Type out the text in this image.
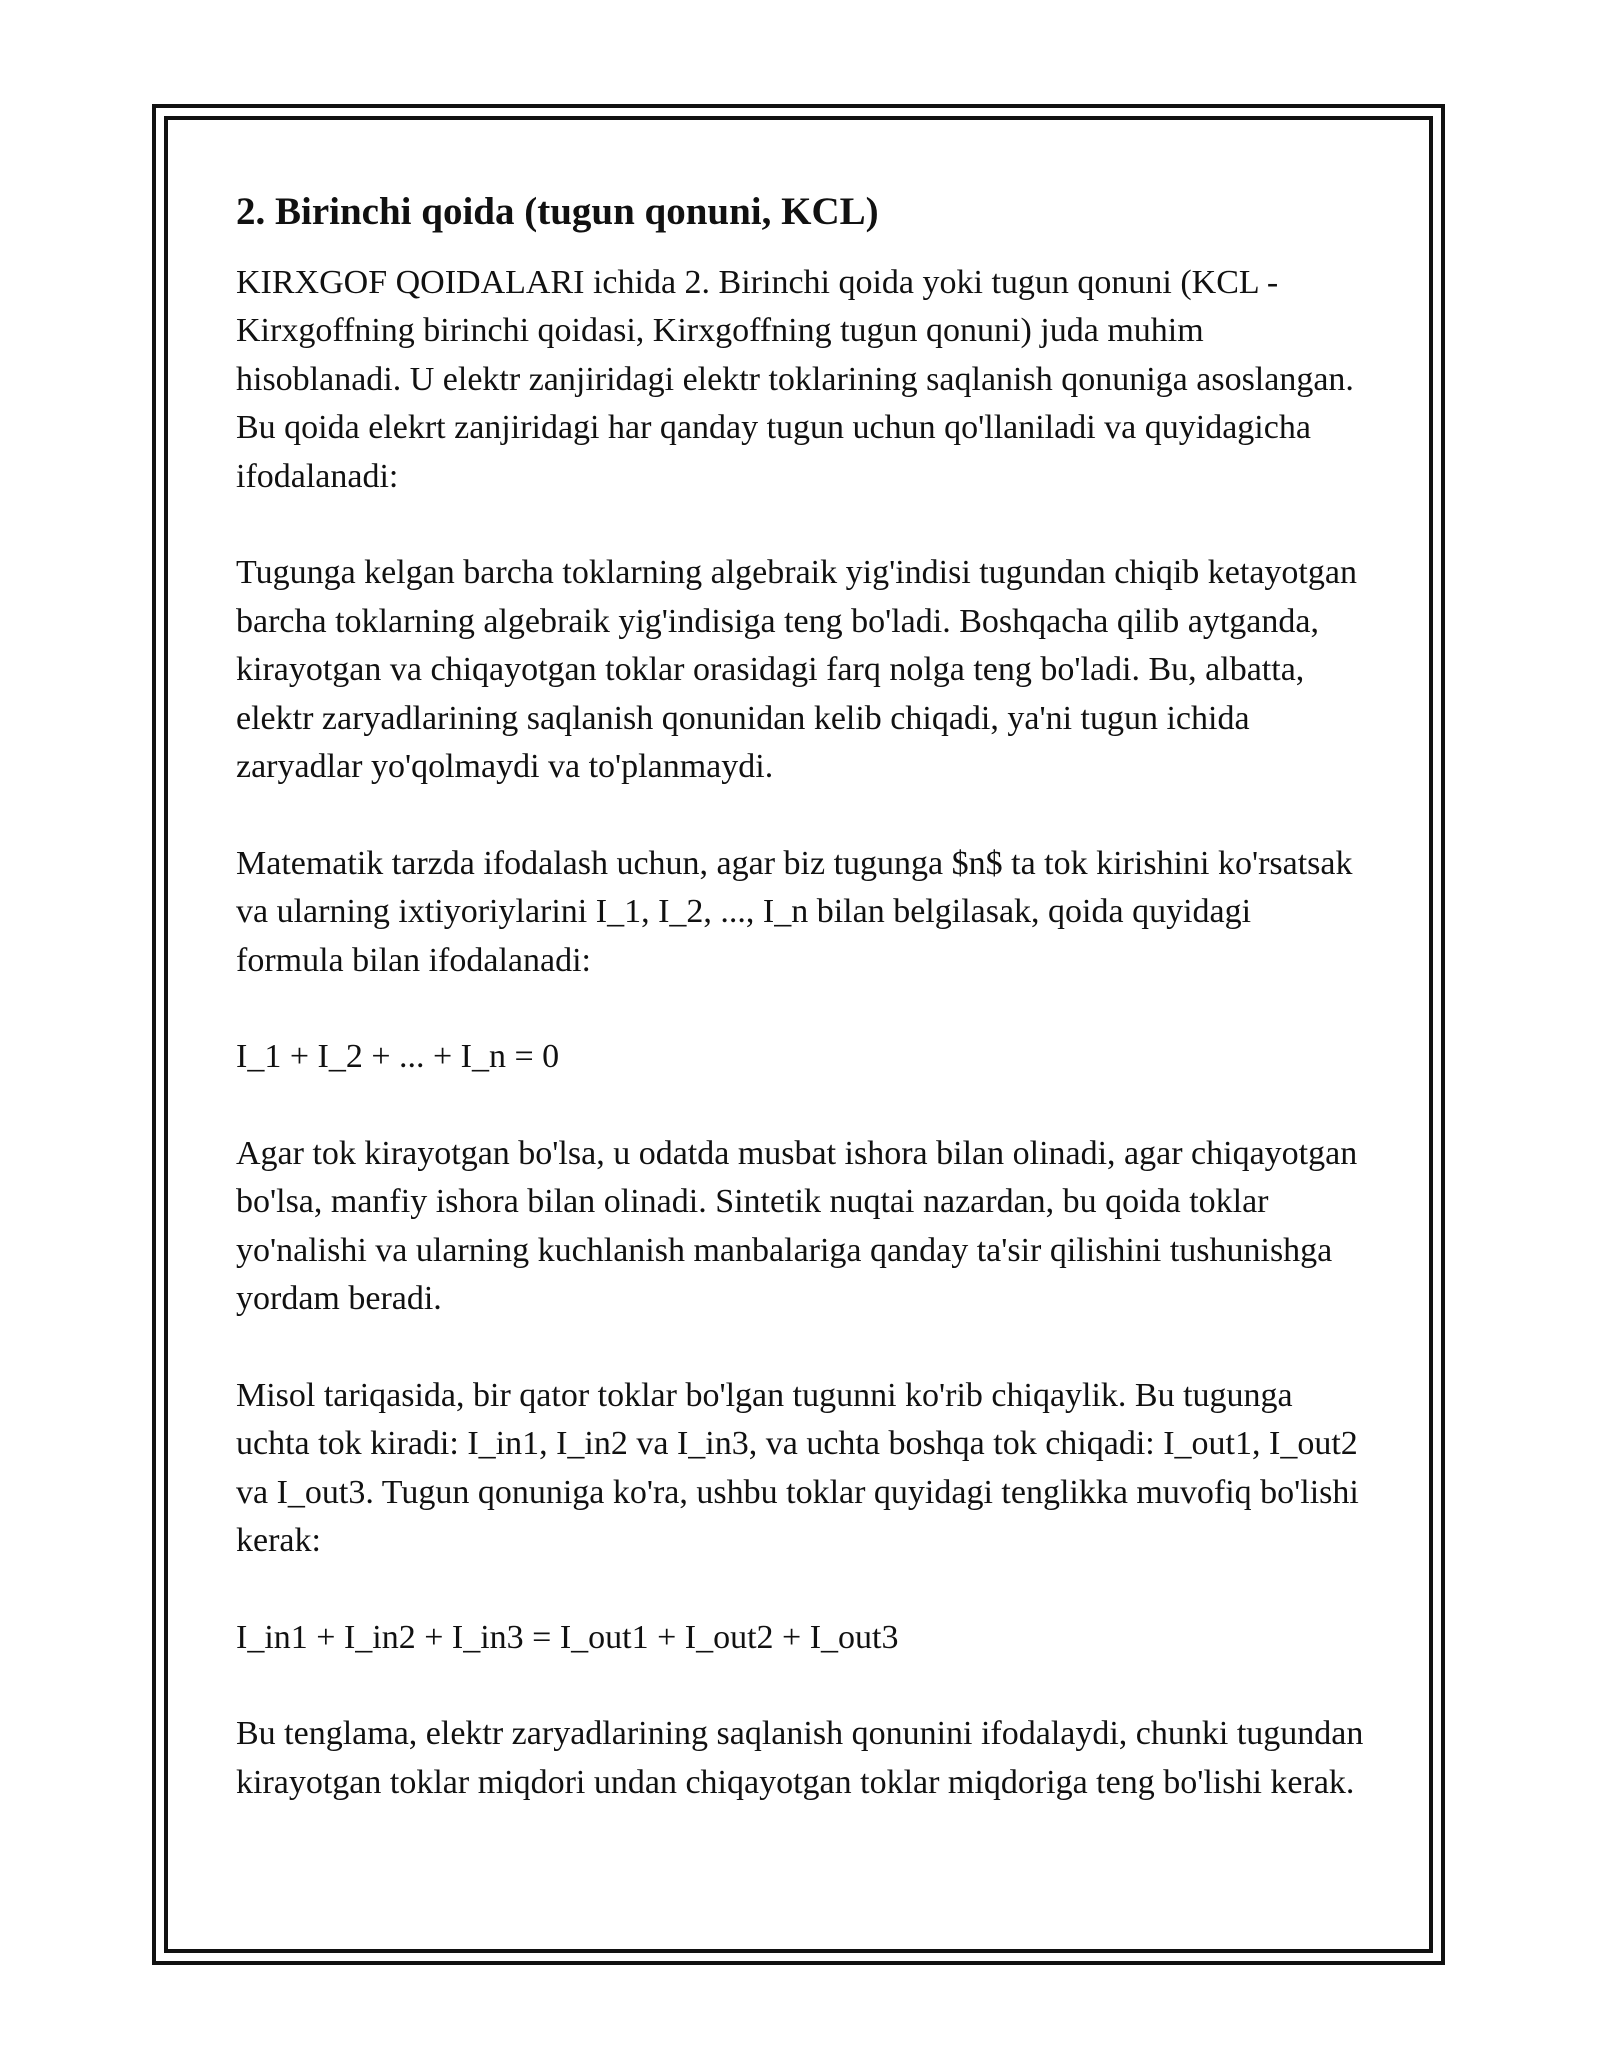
2. Birinchi qoida (tugun qonuni, KCL)

KIRXGOF QOIDALARI ichida 2. Birinchi qoida yoki tugun qonuni (KCL - Kirxgoffning birinchi qoidasi, Kirxgoffning tugun qonuni) juda muhim hisoblanadi. U elektr zanjiridagi elektr toklarining saqlanish qonuniga asoslangan. Bu qoida elekrt zanjiridagi har qanday tugun uchun qo'llaniladi va quyidagicha ifodalanadi:

Tugunga kelgan barcha toklarning algebraik yig'indisi tugundan chiqib ketayotgan barcha toklarning algebraik yig'indisiga teng bo'ladi. Boshqacha qilib aytganda, kirayotgan va chiqayotgan toklar orasidagi farq nolga teng bo'ladi. Bu, albatta, elektr zaryadlarining saqlanish qonunidan kelib chiqadi, ya'ni tugun ichida zaryadlar yo'qolmaydi va to'planmaydi.

Matematik tarzda ifodalash uchun, agar biz tugunga $n$ ta tok kirishini ko'rsatsak va ularning ixtiyoriylarini I_1, I_2, ..., I_n bilan belgilasak, qoida quyidagi formula bilan ifodalanadi:

I_1 + I_2 + ... + I_n = 0

Agar tok kirayotgan bo'lsa, u odatda musbat ishora bilan olinadi, agar chiqayotgan bo'lsa, manfiy ishora bilan olinadi. Sintetik nuqtai nazardan, bu qoida toklar yo'nalishi va ularning kuchlanish manbalariga qanday ta'sir qilishini tushunishga yordam beradi.

Misol tariqasida, bir qator toklar bo'lgan tugunni ko'rib chiqaylik. Bu tugunga uchta tok kiradi: I_in1, I_in2 va I_in3, va uchta boshqa tok chiqadi: I_out1, I_out2 va I_out3. Tugun qonuniga ko'ra, ushbu toklar quyidagi tenglikka muvofiq bo'lishi kerak:

I_in1 + I_in2 + I_in3 = I_out1 + I_out2 + I_out3

Bu tenglama, elektr zaryadlarining saqlanish qonunini ifodalaydi, chunki tugundan kirayotgan toklar miqdori undan chiqayotgan toklar miqdoriga teng bo'lishi kerak.
